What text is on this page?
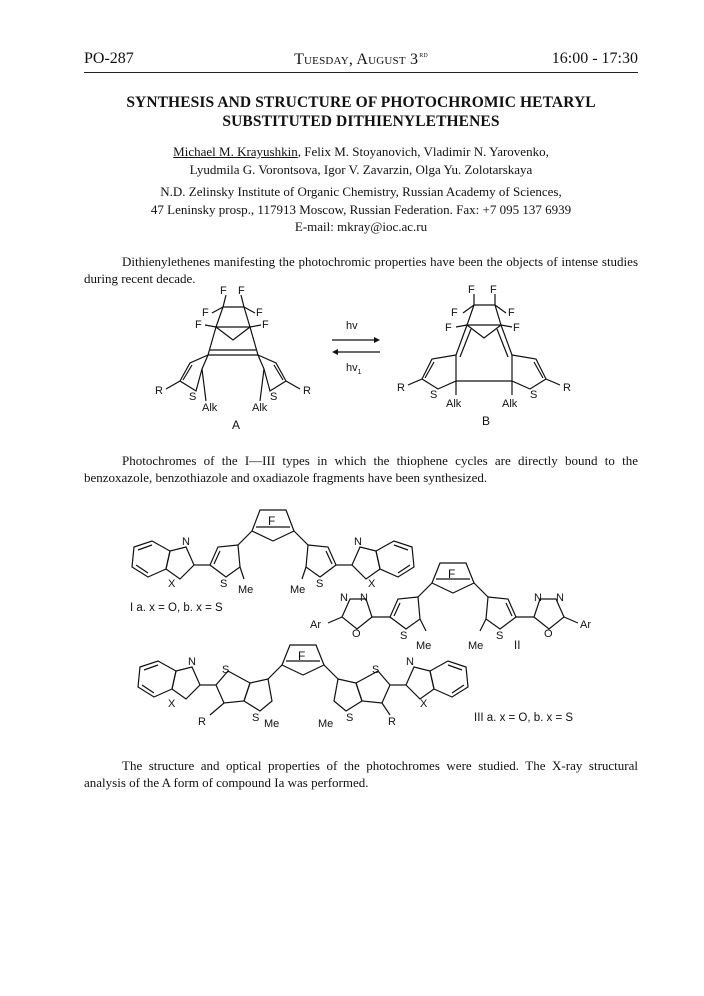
PO-287	Tuesday, August 3rd	16:00 - 17:30
SYNTHESIS AND STRUCTURE OF PHOTOCHROMIC HETARYL
SUBSTITUTED DITHIENYLETHENES
Michael M. Krayushkin, Felix M. Stoyanovich, Vladimir N. Yarovenko,
Lyudmila G. Vorontsova, Igor V. Zavarzin, Olga Yu. Zolotarskaya
N.D. Zelinsky Institute of Organic Chemistry, Russian Academy of Sciences,
47 Leninsky prosp., 117913 Moscow, Russian Federation. Fax: +7 095 137 6939
E-mail: mkray@ioc.ac.ru
Dithienylethenes manifesting the photochromic properties have been the objects of intense studies during recent decade.
F F
F	F
F	F
S
R
Alk
S R
Alk
A
hv
$hv_1$
F F
F	F
F	F
S
R
Alk
S
R
Alk
B
Photochromes of the I—III types in which the thiophene cycles are directly bound to the benzoxazole, benzothiazole and oxadiazole fragments have been synthesized.
F
S Me
N
X	S
Me
N
X
I a. x = O, b. x = S
F
S
Me
N
N
O
Ar
S
Me
N N
O
Ar
II
F
S Me
S
R
N
X
S
Me
S
R
N
X
III a. x = O, b. x = S
The structure and optical properties of the photochromes were studied. The X-ray structural analysis of the A form of compound Ia was performed.
